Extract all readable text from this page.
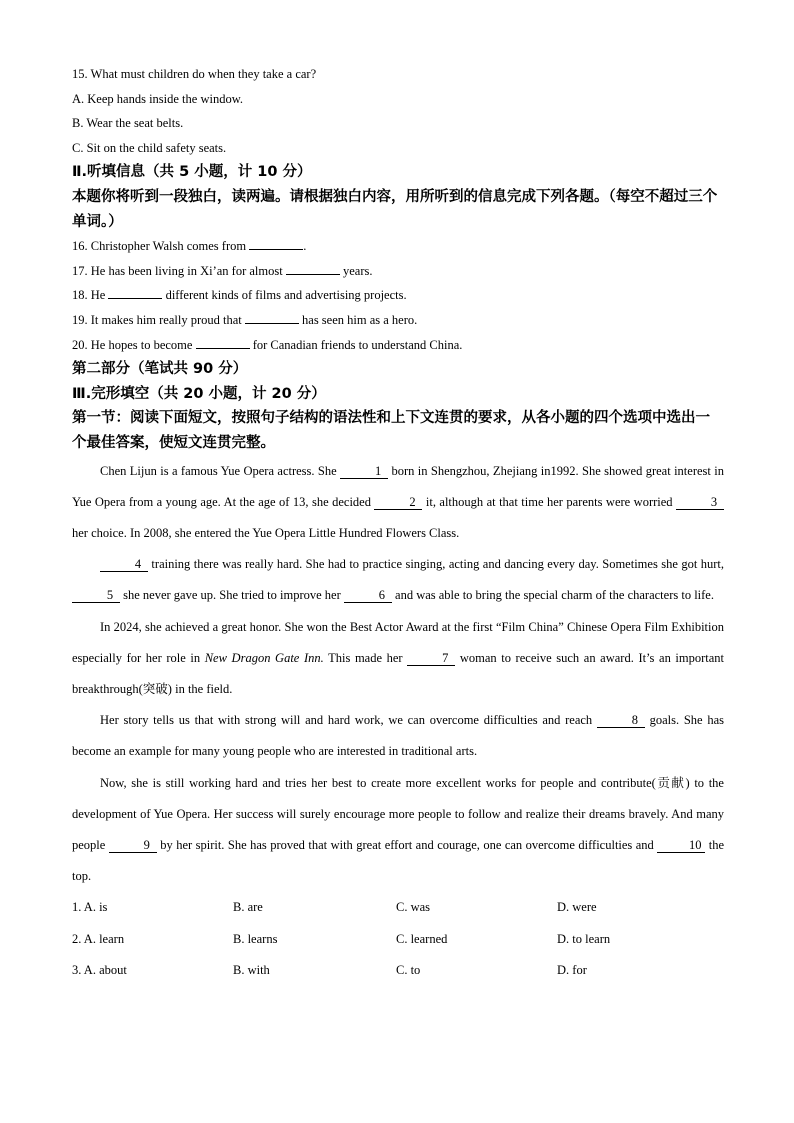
15. What must children do when they take a car?
A. Keep hands inside the window.
B. Wear the seat belts.
C. Sit on the child safety seats.
Ⅱ.听填信息（共 5 小题，计 10 分）
本题你将听到一段独白，读两遍。请根据独白内容，用所听到的信息完成下列各题。（每空不超过三个单词。）
16. Christopher Walsh comes from	.
17. He has been living in Xi’an for almost	years.
18. He	different kinds of films and advertising projects.
19. It makes him really proud that	has seen him as a hero.
20. He hopes to become	for Canadian friends to understand China.
第二部分（笔试共 90 分）
Ⅲ.完形填空（共 20 小题，计 20 分）
第一节：阅读下面短文，按照句子结构的语法性和上下文连贯的要求，从各小题的四个选项中选出一个最佳答案，使短文连贯完整。

Chen Lijun is a famous Yue Opera actress. She	1 born in Shengzhou, Zhejiang in1992. She showed great interest in Yue Opera from a young age. At the age of 13, she decided	2 it, although at that time her parents were worried	3 her choice. In 2008, she entered the Yue Opera Little Hundred Flowers Class.

4 training there was really hard. She had to practice singing, acting and dancing every day. Sometimes she got hurt, 5 she never gave up. She tried to improve her	6 and was able to bring the special charm of the characters to life.

In 2024, she achieved a great honor. She won the Best Actor Award at the first “Film China” Chinese Opera Film Exhibition especially for her role in New Dragon Gate Inn. This made her	7 woman to receive such an award. It’s an important breakthrough(突破) in the field.

Her story tells us that with strong will and hard work, we can overcome difficulties and reach	8 goals. She has become an example for many young people who are interested in traditional arts.

Now, she is still working hard and tries her best to create more excellent works for people and contribute(贡献) to the development of Yue Opera. Her success will surely encourage more people to follow and realize their dreams bravely. And many people	9 by her spirit. She has proved that with great effort and courage, one can overcome difficulties and	10 the top.

1. A. is	B. are	C. was	D. were
2. A. learn	B. learns	C. learned	D. to learn
3. A. about	B. with	C. to	D. for
